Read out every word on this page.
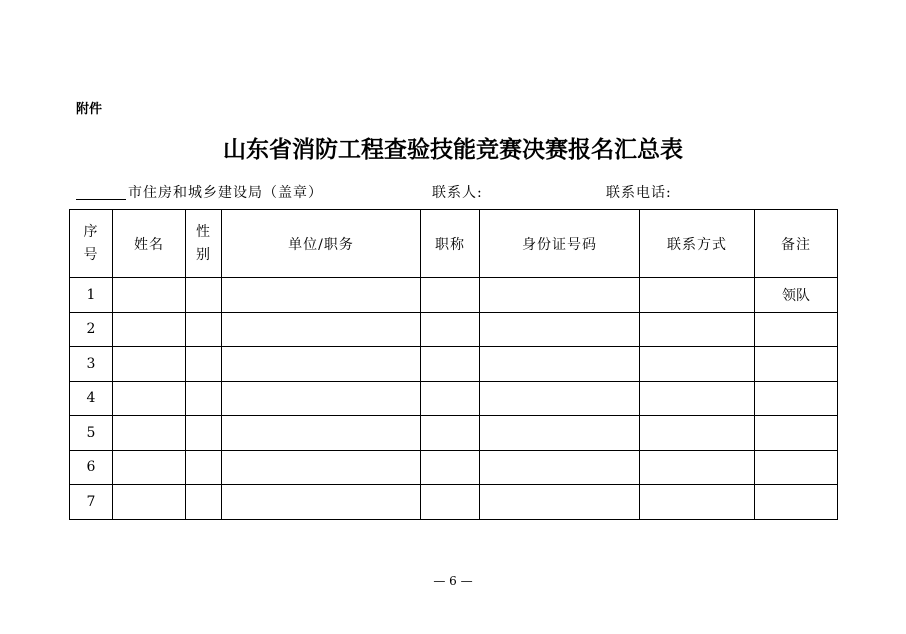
附件
山东省消防工程查验技能竞赛决赛报名汇总表
市住房和城乡建设局（盖章）	联系人:	联系电话:
序号	姓名	性别	单位/职务	职称	身份证号码	联系方式	备注
1							领队
2							
3							
4							
5							
6							
7							
— 6 —
